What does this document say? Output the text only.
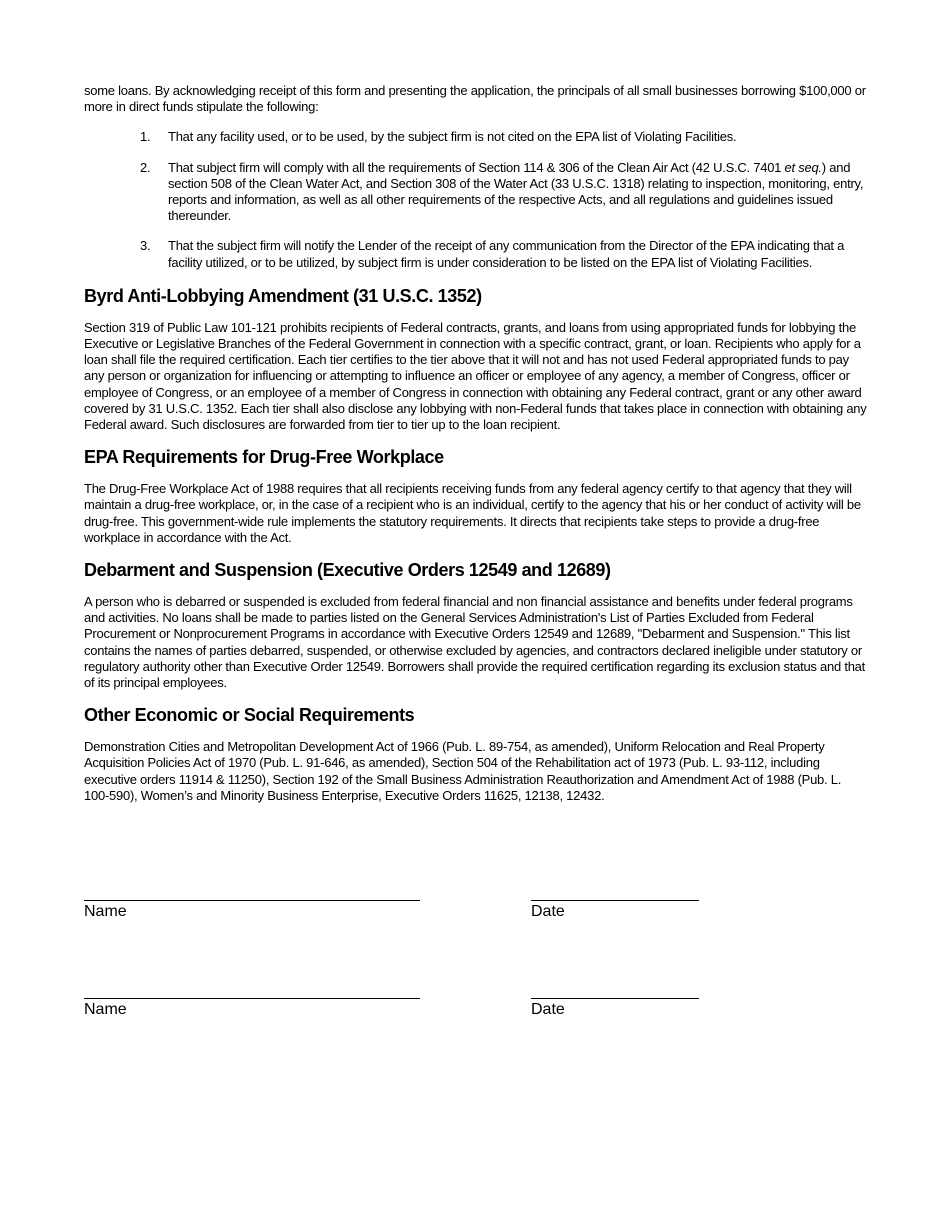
some loans. By acknowledging receipt of this form and presenting the application, the principals of all small businesses borrowing $100,000 or more in direct funds stipulate the following:

1. That any facility used, or to be used, by the subject firm is not cited on the EPA list of Violating Facilities.
2. That subject firm will comply with all the requirements of Section 114 & 306 of the Clean Air Act (42 U.S.C. 7401 et seq.) and section 508 of the Clean Water Act, and Section 308 of the Water Act (33 U.S.C. 1318) relating to inspection, monitoring, entry, reports and information, as well as all other requirements of the respective Acts, and all regulations and guidelines issued thereunder.
3. That the subject firm will notify the Lender of the receipt of any communication from the Director of the EPA indicating that a facility utilized, or to be utilized, by subject firm is under consideration to be listed on the EPA list of Violating Facilities.
Byrd Anti-Lobbying Amendment (31 U.S.C. 1352)

Section 319 of Public Law 101-121 prohibits recipients of Federal contracts, grants, and loans from using appropriated funds for lobbying the Executive or Legislative Branches of the Federal Government in connection with a specific contract, grant, or loan. Recipients who apply for a loan shall file the required certification. Each tier certifies to the tier above that it will not and has not used Federal appropriated funds to pay any person or organization for influencing or attempting to influence an officer or employee of any agency, a member of Congress, officer or employee of Congress, or an employee of a member of Congress in connection with obtaining any Federal contract, grant or any other award covered by 31 U.S.C. 1352. Each tier shall also disclose any lobbying with non-Federal funds that takes place in connection with obtaining any Federal award. Such disclosures are forwarded from tier to tier up to the loan recipient.

EPA Requirements for Drug-Free Workplace

The Drug-Free Workplace Act of 1988 requires that all recipients receiving funds from any federal agency certify to that agency that they will maintain a drug-free workplace, or, in the case of a recipient who is an individual, certify to the agency that his or her conduct of activity will be drug-free. This government-wide rule implements the statutory requirements. It directs that recipients take steps to provide a drug-free workplace in accordance with the Act.

Debarment and Suspension (Executive Orders 12549 and 12689)

A person who is debarred or suspended is excluded from federal financial and non financial assistance and benefits under federal programs and activities. No loans shall be made to parties listed on the General Services Administration's List of Parties Excluded from Federal Procurement or Nonprocurement Programs in accordance with Executive Orders 12549 and 12689, "Debarment and Suspension." This list contains the names of parties debarred, suspended, or otherwise excluded by agencies, and contractors declared ineligible under statutory or regulatory authority other than Executive Order 12549. Borrowers shall provide the required certification regarding its exclusion status and that of its principal employees.

Other Economic or Social Requirements

Demonstration Cities and Metropolitan Development Act of 1966 (Pub. L. 89-754, as amended), Uniform Relocation and Real Property Acquisition Policies Act of 1970 (Pub. L. 91-646, as amended), Section 504 of the Rehabilitation act of 1973 (Pub. L. 93-112, including executive orders 11914 & 11250), Section 192 of the Small Business Administration Reauthorization and Amendment Act of 1988 (Pub. L. 100-590), Women’s and Minority Business Enterprise, Executive Orders 11625, 12138, 12432.

Name	Date
Name	Date
